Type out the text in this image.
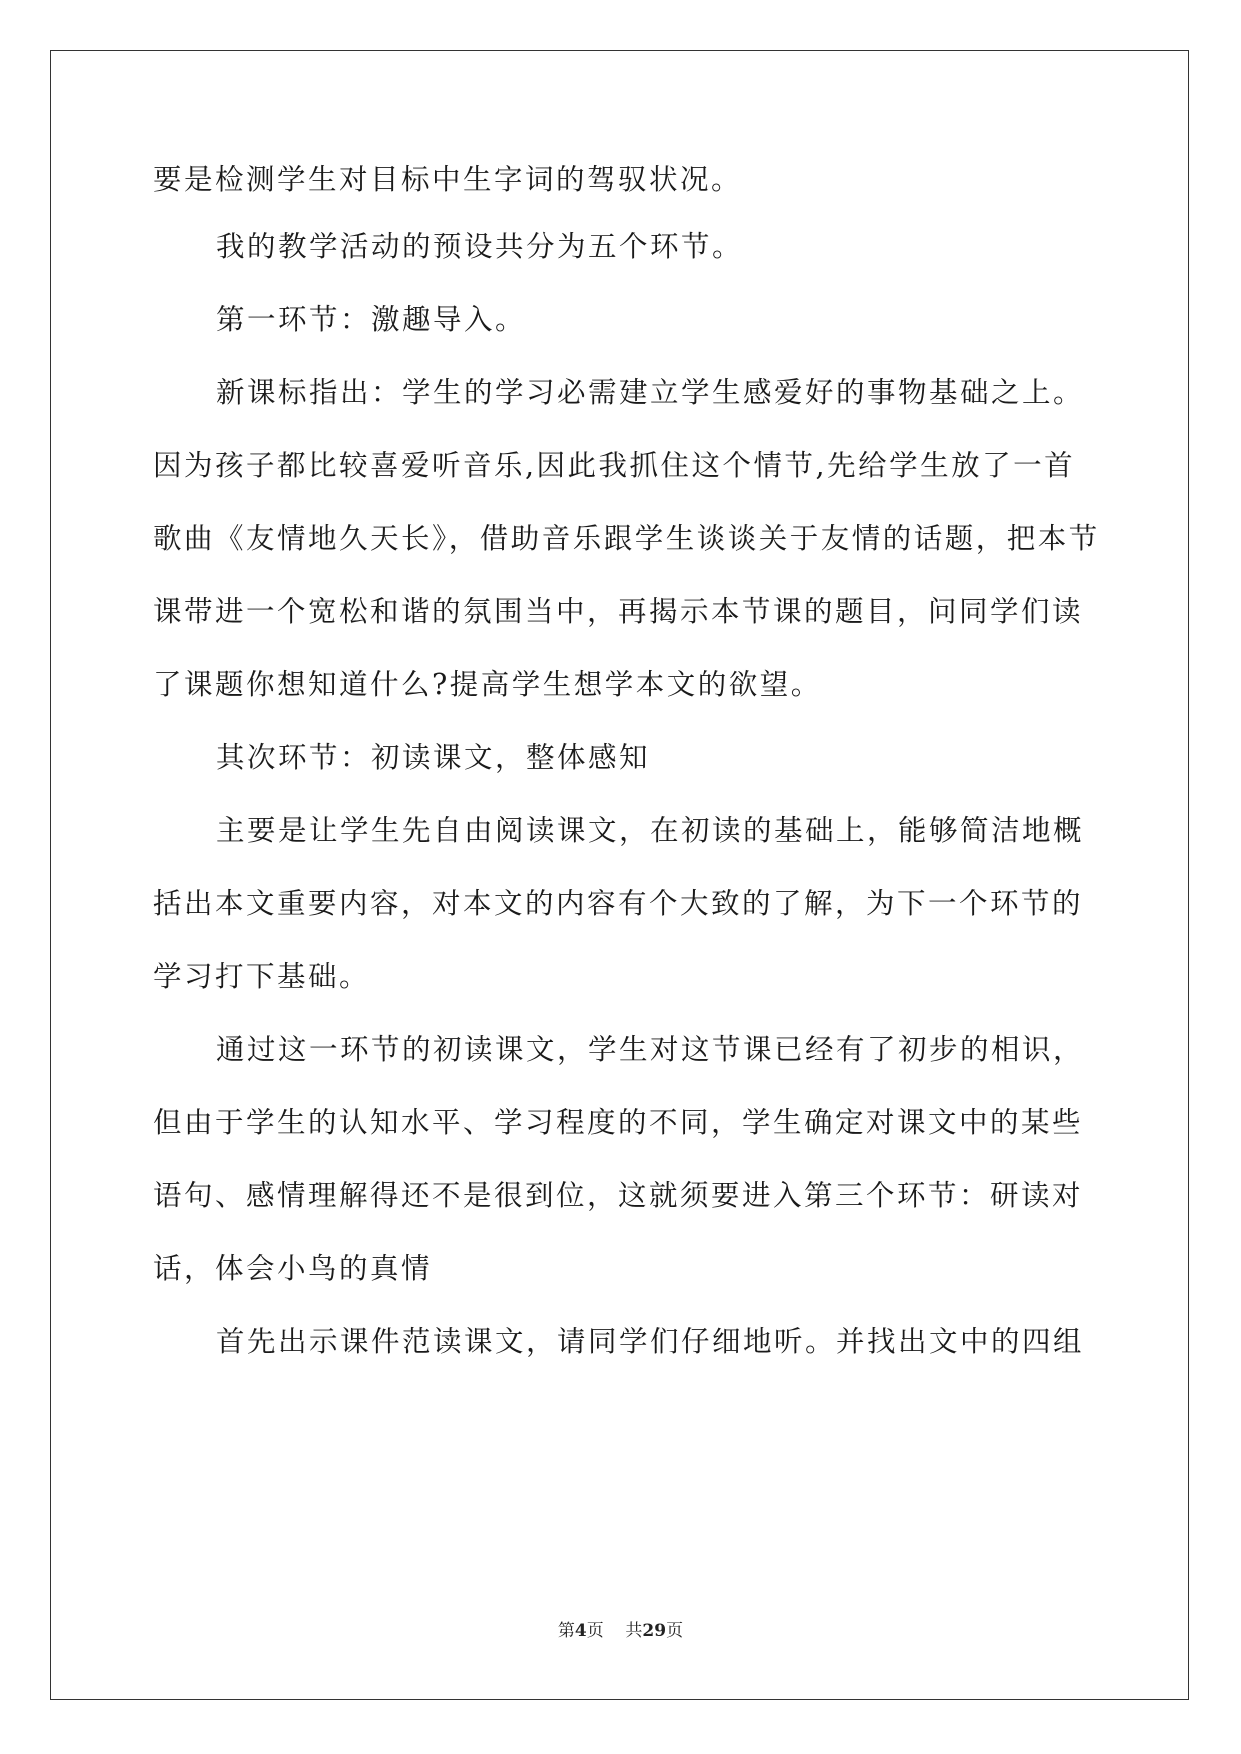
要是检测学生对目标中生字词的驾驭状况。
我的教学活动的预设共分为五个环节。
第一环节：激趣导入。
新课标指出：学生的学习必需建立学生感爱好的事物基础之上。
因为孩子都比较喜爱听音乐,因此我抓住这个情节,先给学生放了一首
歌曲《友情地久天长》，借助音乐跟学生谈谈关于友情的话题，把本节
课带进一个宽松和谐的氛围当中，再揭示本节课的题目，问同学们读
了课题你想知道什么?提高学生想学本文的欲望。
其次环节：初读课文，整体感知
主要是让学生先自由阅读课文，在初读的基础上，能够简洁地概
括出本文重要内容，对本文的内容有个大致的了解，为下一个环节的
学习打下基础。
通过这一环节的初读课文，学生对这节课已经有了初步的相识，
但由于学生的认知水平、学习程度的不同，学生确定对课文中的某些
语句、感情理解得还不是很到位，这就须要进入第三个环节：研读对
话，体会小鸟的真情
首先出示课件范读课文，请同学们仔细地听。并找出文中的四组
第4页 共29页
